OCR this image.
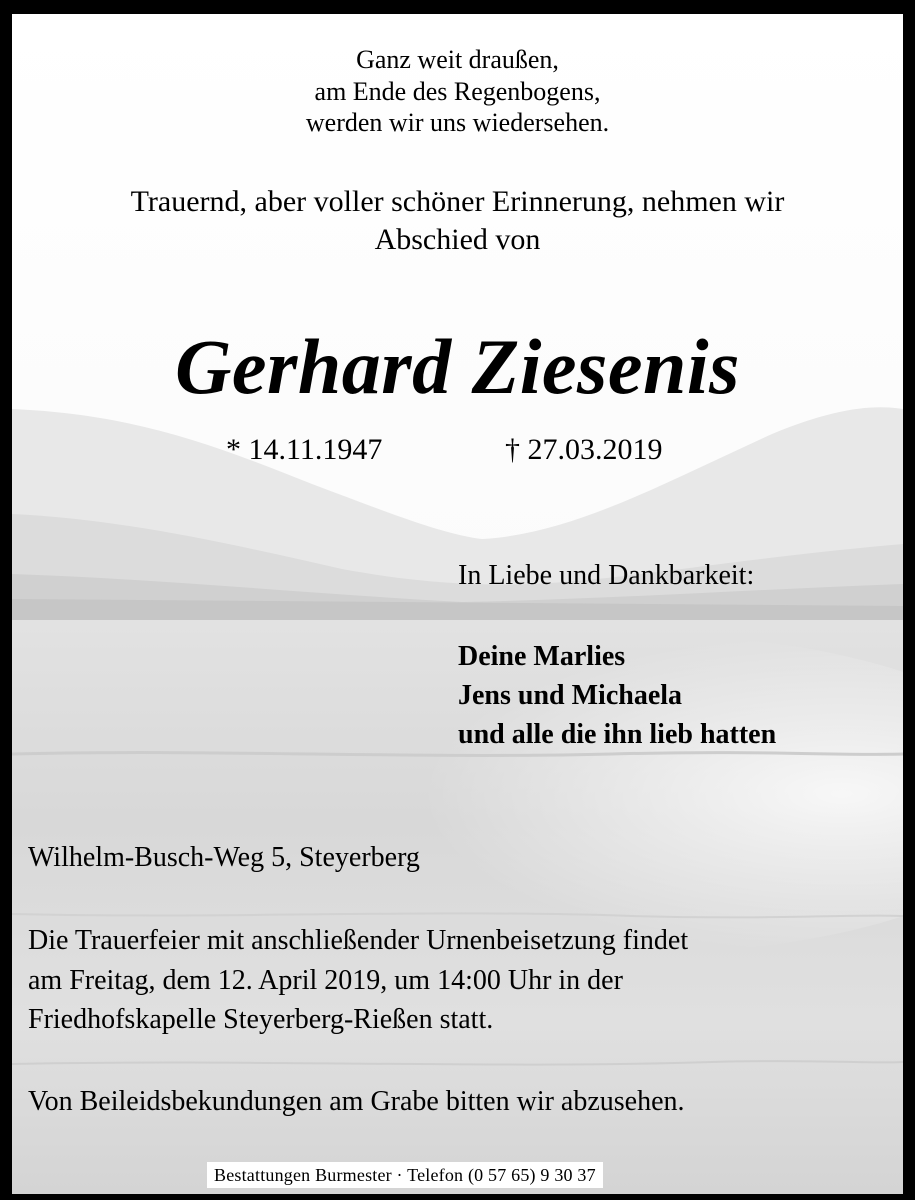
Ganz weit draußen,
am Ende des Regenbogens,
werden wir uns wiedersehen.
Trauernd, aber voller schöner Erinnerung, nehmen wir
Abschied von
Gerhard Ziesenis
* 14.11.1947	† 27.03.2019
In Liebe und Dankbarkeit:
Deine Marlies
Jens und Michaela
und alle die ihn lieb hatten
Wilhelm-Busch-Weg 5, Steyerberg
Die Trauerfeier mit anschließender Urnenbeisetzung findet
am Freitag, dem 12. April 2019, um 14:00 Uhr in der
Friedhofskapelle Steyerberg-Rießen statt.
Von Beileidsbekundungen am Grabe bitten wir abzusehen.
Bestattungen Burmester · Telefon (0 57 65) 9 30 37
